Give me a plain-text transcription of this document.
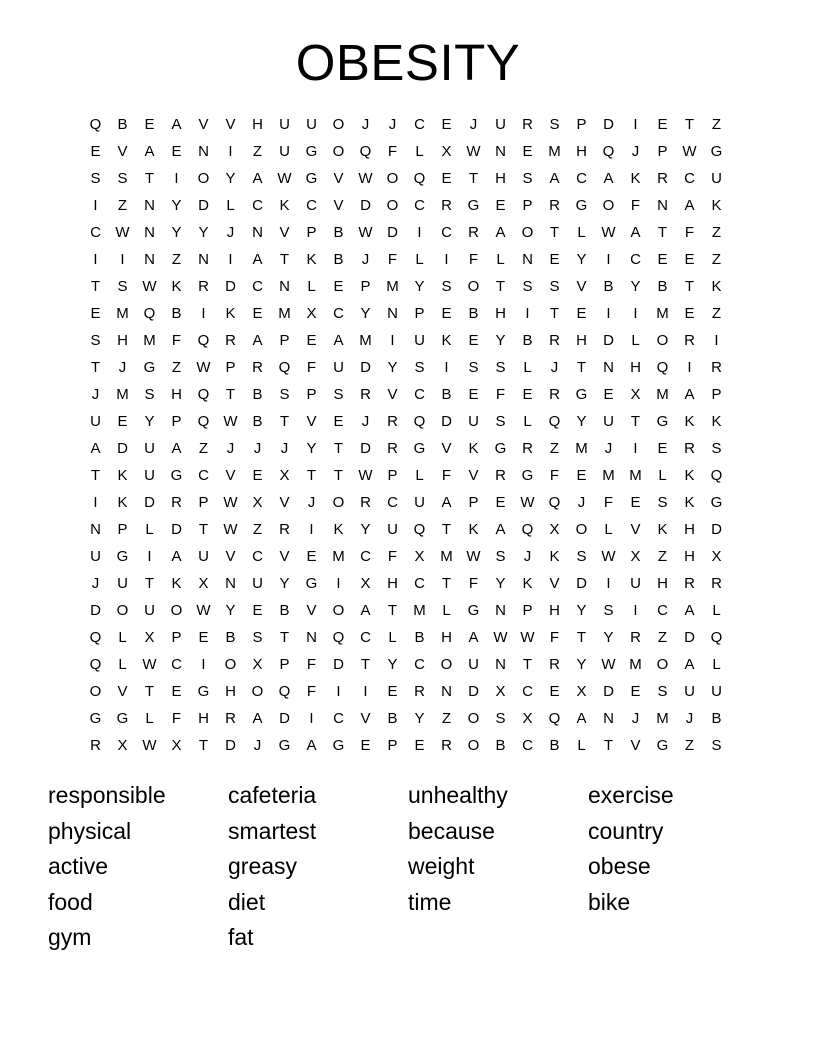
OBESITY
Q	B	E	A	V	V	H	U	U	O	J	J	C	E	J	U	R	S	P	D	I	E	T	Z
E	V	A	E	N	I	Z	U	G	O	Q	F	L	X W N	E	M	H	Q	J	P W G
S	S	T	I	O	Y	A W G	V W O	Q	E	T	H	S	A	C	A	K	R	C	U
I	Z	N	Y	D	L	C	K	C	V	D	O	C	R	G	E	P	R	G	O	F	N	A	K
C W N	Y	Y	J	N	V	P	B W D	I	C	R	A	O	T	L	W A	T	F	Z
I	I	N	Z	N	I	A	T	K	B	J	F	L	I	F	L	N	E	Y	I	C	E	E	Z
T	S W K	R	D	C	N	L	E	P	M	Y	S	O	T	S	S	V	B	Y	B	T	K
E	M Q	B	I	K	E	M	X	C	Y	N	P	E	B	H	I	T	E	I	I	M	E	Z
S	H	M	F	Q	R	A	P	E	A	M	I	U	K	E	Y	B	R	H	D	L	O	R	I
T	J	G	Z	W P	R	Q	F	U	D	Y	S	I	S	S	L	J	T	N	H	Q	I	R
J	M	S	H	Q	T	B	S	P	S	R	V	C	B	E	F	E	R	G	E	X	M	A	P
U	E	Y	P	Q W B	T	V	E	J	R	Q	D	U	S	L	Q	Y	U	T	G	K	K
A	D	U	A	Z	J	J	J	Y	T	D	R	G	V	K	G	R	Z	M	J	I	E	R	S
T	K	U	G	C	V	E	X	T	T	W P	L	F	V	R	G	F	E	M M	L	K	Q
I	K	D	R	P W X	V	J	O	R	C	U	A	P	E W Q	J	F	E	S	K	G
N	P	L	D	T	W	Z	R	I	K	Y	U	Q	T	K	A	Q	X	O	L	V	K	H	D
U	G	I	A	U	V	C	V	E	M	C	F	X	M W S	J	K	S W X	Z	H	X
J	U	T	K	X	N	U	Y	G	I	X	H	C	T	F	Y	K	V	D	I	U	H	R	R
D	O	U	O W Y	E	B	V	O	A	T	M	L	G	N	P	H	Y	S	I	C	A	L
Q	L	X	P	E	B	S	T	N	Q	C	L	B	H	A W W	F	T	Y	R	Z	D	Q
Q	L	W C	I	O	X	P	F	D	T	Y	C	O	U	N	T	R	Y W M O	A	L
O	V	T	E	G	H	O	Q	F	I	I	E	R	N	D	X	C	E	X	D	E	S	U	U
G	G	L	F	H	R	A	D	I	C	V	B	Y	Z	O	S	X	Q	A	N	J	M	J	B
R	X W X	T	D	J	G	A	G	E	P	E	R	O	B	C	B	L	T	V	G	Z	S
responsible	cafeteria	unhealthy	exercise
physical	smartest	because	country
active	greasy	weight	obese
food	diet	time	bike
gym	fat
